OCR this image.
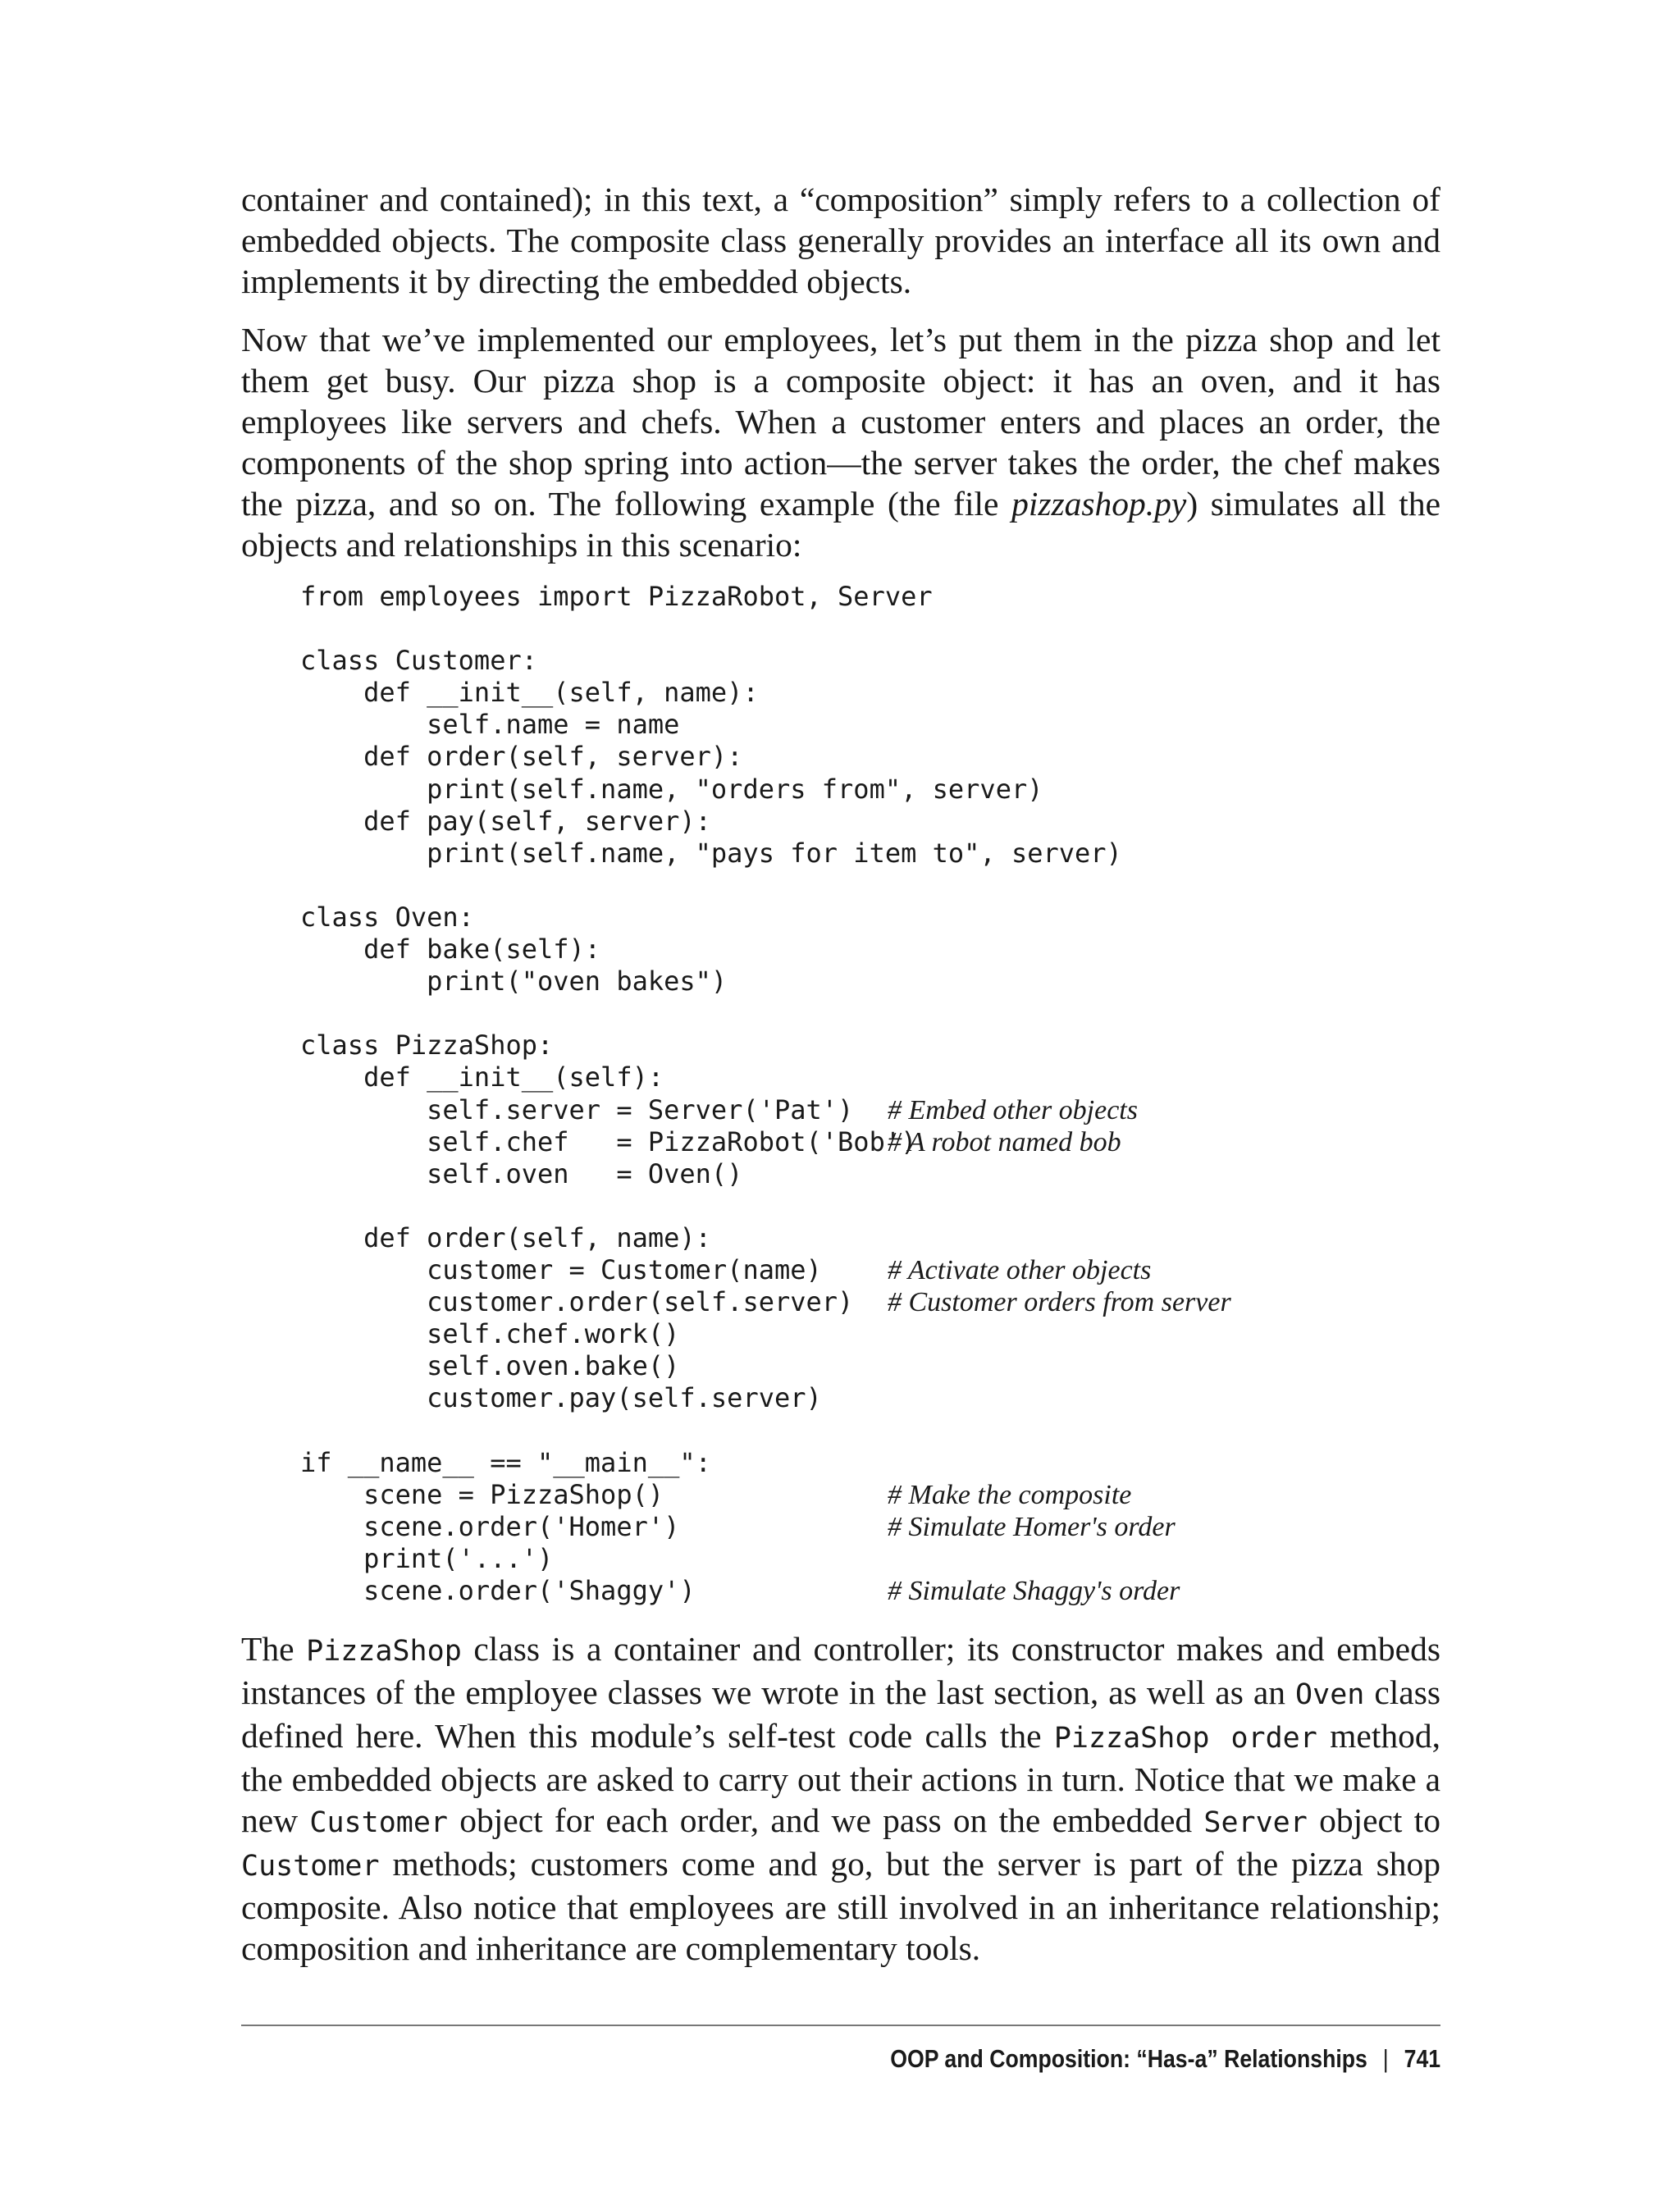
container and contained); in this text, a “composition” simply refers to a collection of embedded objects. The composite class generally provides an interface all its own and implements it by directing the embedded objects.

Now that we’ve implemented our employees, let’s put them in the pizza shop and let them get busy. Our pizza shop is a composite object: it has an oven, and it has employees like servers and chefs. When a customer enters and places an order, the components of the shop spring into action—the server takes the order, the chef makes the pizza, and so on. The following example (the file pizzashop.py) simulates all the objects and relationships in this scenario:

from employees import PizzaRobot, Server
class Customer:
def __init__(self, name):
self.name = name
def order(self, server):
print(self.name, "orders from", server)
def pay(self, server):
print(self.name, "pays for item to", server)
class Oven:
def bake(self):
print("oven bakes")
class PizzaShop:
def __init__(self):
self.server = Server('Pat') # Embed other objects
self.chef   = PizzaRobot('Bob')
# A robot named bob
self.oven   = Oven()
def order(self, name):
customer = Customer(name) # Activate other objects
customer.order(self.server) # Customer orders from server
self.chef.work()
self.oven.bake()
customer.pay(self.server)
if __name__ == "__main__":
scene = PizzaShop()	# Make the composite
scene.order('Homer')	# Simulate Homer's order
print('...')
scene.order('Shaggy')	# Simulate Shaggy's order

The PizzaShop class is a container and controller; its constructor makes and embeds instances of the employee classes we wrote in the last section, as well as an Oven class defined here. When this module’s self-test code calls the PizzaShop order method, the embedded objects are asked to carry out their actions in turn. Notice that we make a new Customer object for each order, and we pass on the embedded Server object to Customer methods; customers come and go, but the server is part of the pizza shop composite. Also notice that employees are still involved in an inheritance relationship; composition and inheritance are complementary tools.

OOP and Composition: “Has-a” Relationships | 741
